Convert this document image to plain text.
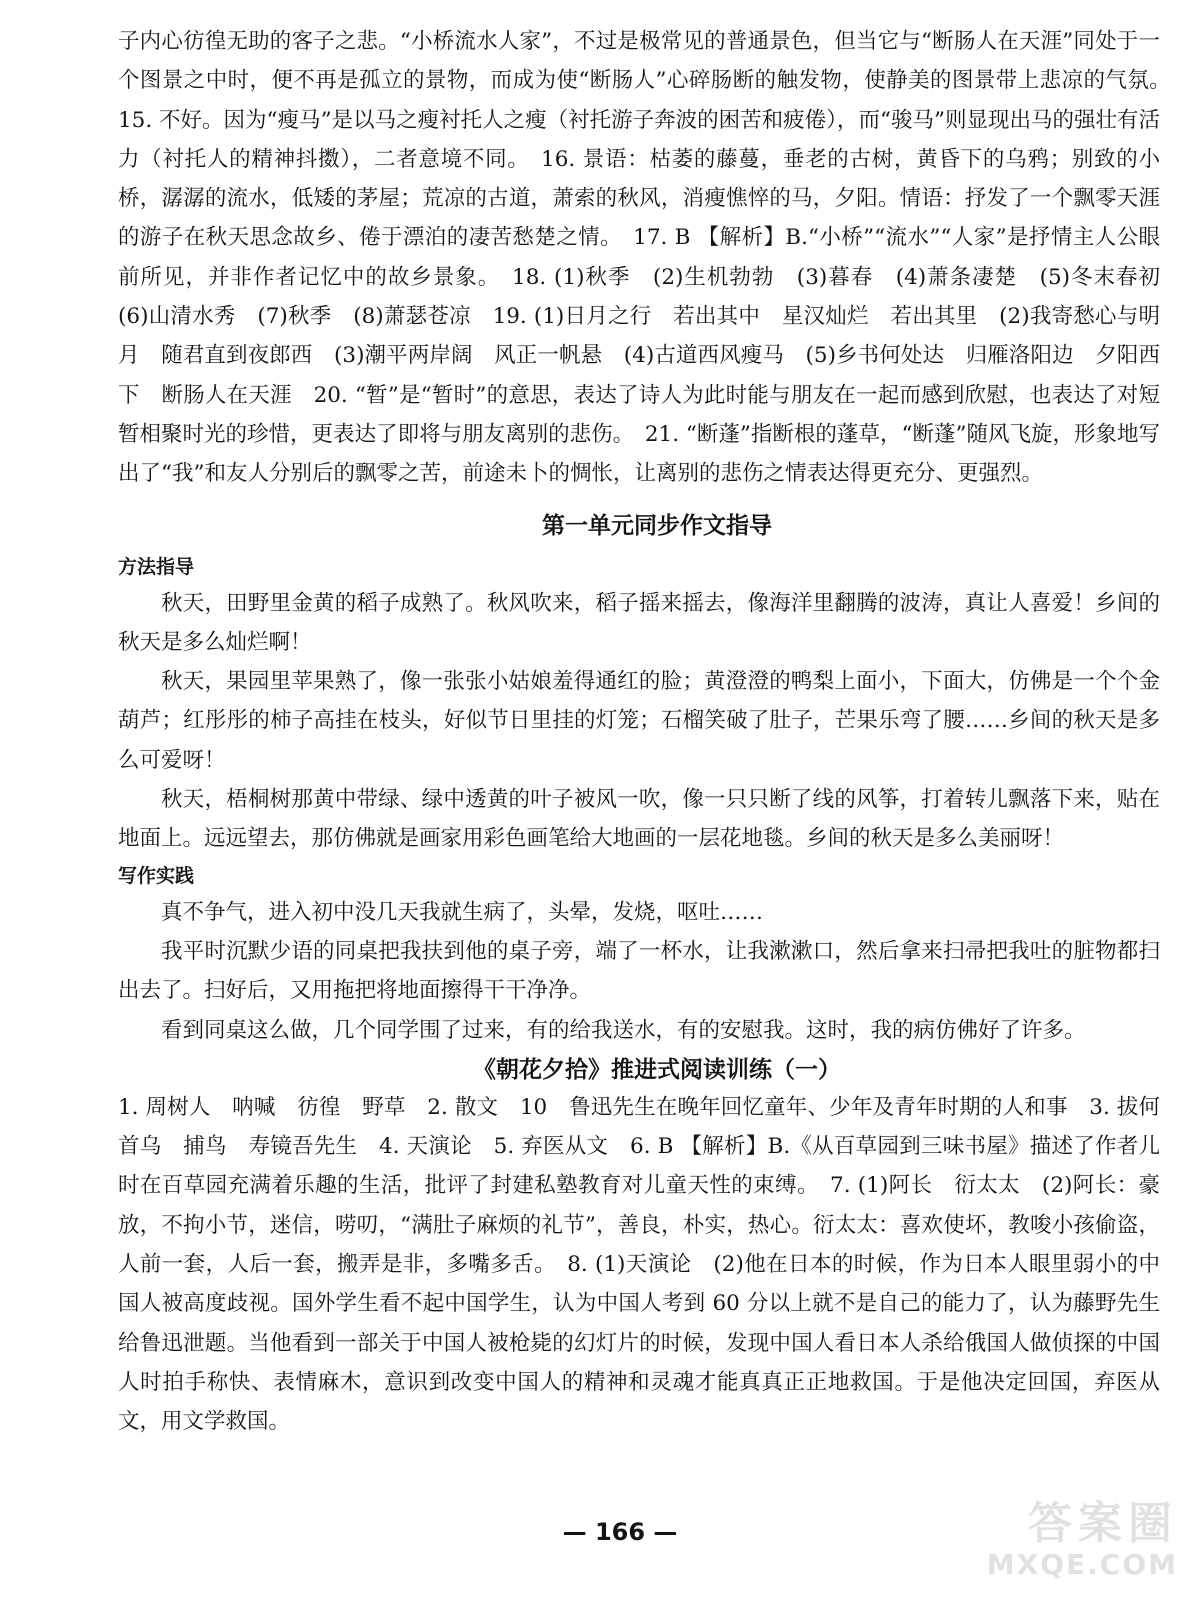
子内心彷徨无助的客子之悲。“小桥流水人家”，不过是极常见的普通景色，但当它与“断肠人在天涯”同处于一个图景之中时，便不再是孤立的景物，而成为使“断肠人”心碎肠断的触发物，使静美的图景带上悲凉的气氛。　15. 不好。因为“瘦马”是以马之瘦衬托人之瘦（衬托游子奔波的困苦和疲倦），而“骏马”则显现出马的强壮有活力（衬托人的精神抖擞），二者意境不同。　16. 景语：枯萎的藤蔓，垂老的古树，黄昏下的乌鸦；别致的小桥，潺潺的流水，低矮的茅屋；荒凉的古道，萧索的秋风，消瘦憔悴的马，夕阳。情语：抒发了一个飘零天涯的游子在秋天思念故乡、倦于漂泊的凄苦愁楚之情。　17. B 【解析】B.“小桥”“流水”“人家”是抒情主人公眼前所见，并非作者记忆中的故乡景象。　18. (1)秋季　(2)生机勃勃　(3)暮春　(4)萧条凄楚　(5)冬末春初　(6)山清水秀　(7)秋季　(8)萧瑟苍凉　19. (1)日月之行　若出其中　星汉灿烂　若出其里　(2)我寄愁心与明月　随君直到夜郎西　(3)潮平两岸阔　风正一帆悬　(4)古道西风瘦马　(5)乡书何处达　归雁洛阳边　夕阳西下　断肠人在天涯　20. “暂”是“暂时”的意思，表达了诗人为此时能与朋友在一起而感到欣慰，也表达了对短暂相聚时光的珍惜，更表达了即将与朋友离别的悲伤。　21. “断蓬”指断根的蓬草，“断蓬”随风飞旋，形象地写出了“我”和友人分别后的飘零之苦，前途未卜的惆怅，让离别的悲伤之情表达得更充分、更强烈。

第一单元同步作文指导
方法指导

秋天，田野里金黄的稻子成熟了。秋风吹来，稻子摇来摇去，像海洋里翻腾的波涛，真让人喜爱！乡间的秋天是多么灿烂啊！

秋天，果园里苹果熟了，像一张张小姑娘羞得通红的脸；黄澄澄的鸭梨上面小，下面大，仿佛是一个个金葫芦；红彤彤的柿子高挂在枝头，好似节日里挂的灯笼；石榴笑破了肚子，芒果乐弯了腰……乡间的秋天是多么可爱呀！

秋天，梧桐树那黄中带绿、绿中透黄的叶子被风一吹，像一只只断了线的风筝，打着转儿飘落下来，贴在地面上。远远望去，那仿佛就是画家用彩色画笔给大地画的一层花地毯。乡间的秋天是多么美丽呀！

写作实践

真不争气，进入初中没几天我就生病了，头晕，发烧，呕吐……

我平时沉默少语的同桌把我扶到他的桌子旁，端了一杯水，让我漱漱口，然后拿来扫帚把我吐的脏物都扫出去了。扫好后，又用拖把将地面擦得干干净净。

看到同桌这么做，几个同学围了过来，有的给我送水，有的安慰我。这时，我的病仿佛好了许多。

《朝花夕拾》推进式阅读训练（一）

1. 周树人　呐喊　彷徨　野草　2. 散文　10　鲁迅先生在晚年回忆童年、少年及青年时期的人和事　3. 拔何首乌　捕鸟　寿镜吾先生　4. 天演论　5. 弃医从文　6. B 【解析】B.《从百草园到三味书屋》描述了作者儿时在百草园充满着乐趣的生活，批评了封建私塾教育对儿童天性的束缚。　7. (1)阿长　衍太太　(2)阿长：豪放，不拘小节，迷信，唠叨，“满肚子麻烦的礼节”，善良，朴实，热心。衍太太：喜欢使坏，教唆小孩偷盗，人前一套，人后一套，搬弄是非，多嘴多舌。　8. (1)天演论　(2)他在日本的时候，作为日本人眼里弱小的中国人被高度歧视。国外学生看不起中国学生，认为中国人考到 60 分以上就不是自己的能力了，认为藤野先生给鲁迅泄题。当他看到一部关于中国人被枪毙的幻灯片的时候，发现中国人看日本人杀给俄国人做侦探的中国人时拍手称快、表情麻木，意识到改变中国人的精神和灵魂才能真真正正地救国。于是他决定回国，弃医从文，用文学救国。

— 166 —	答案圈
MXQE.COM
